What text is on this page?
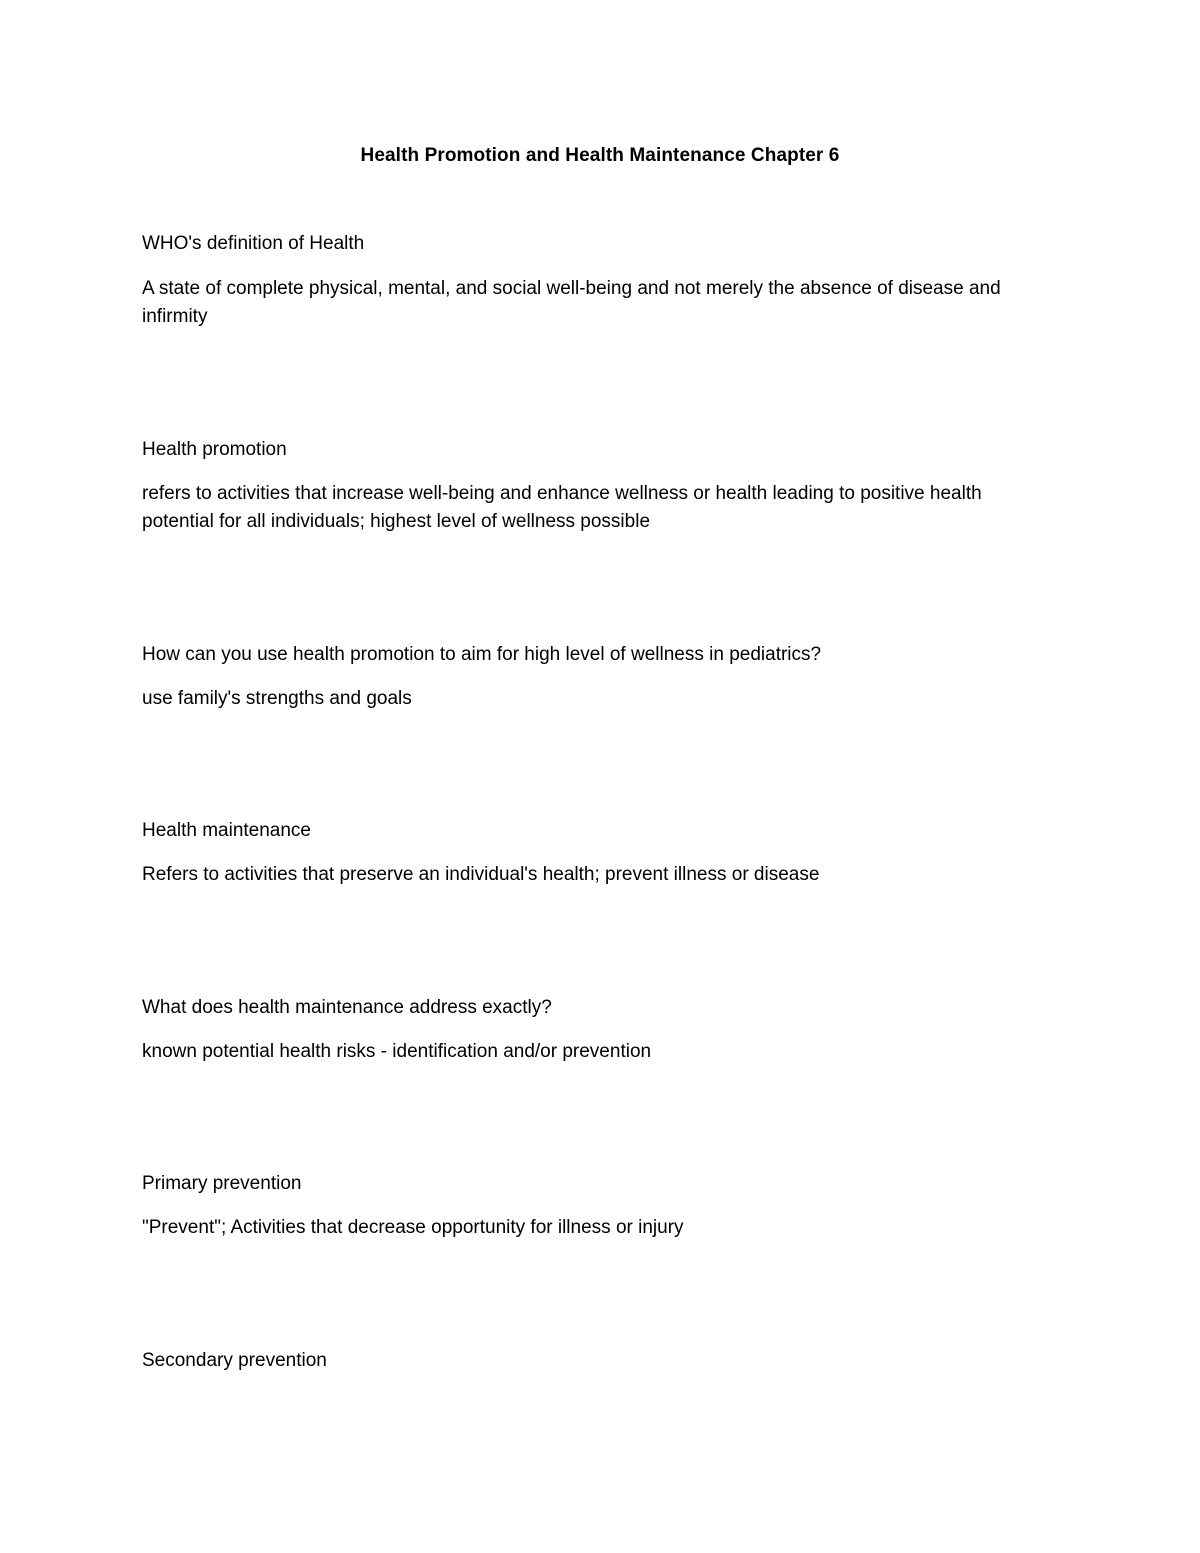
Health Promotion and Health Maintenance Chapter 6
WHO's definition of Health
A state of complete physical, mental, and social well-being and not merely the absence of disease and
infirmity
Health promotion
refers to activities that increase well-being and enhance wellness or health leading to positive health
potential for all individuals; highest level of wellness possible
How can you use health promotion to aim for high level of wellness in pediatrics?
use family's strengths and goals
Health maintenance
Refers to activities that preserve an individual's health; prevent illness or disease
What does health maintenance address exactly?
known potential health risks - identification and/or prevention
Primary prevention
"Prevent"; Activities that decrease opportunity for illness or injury
Secondary prevention
